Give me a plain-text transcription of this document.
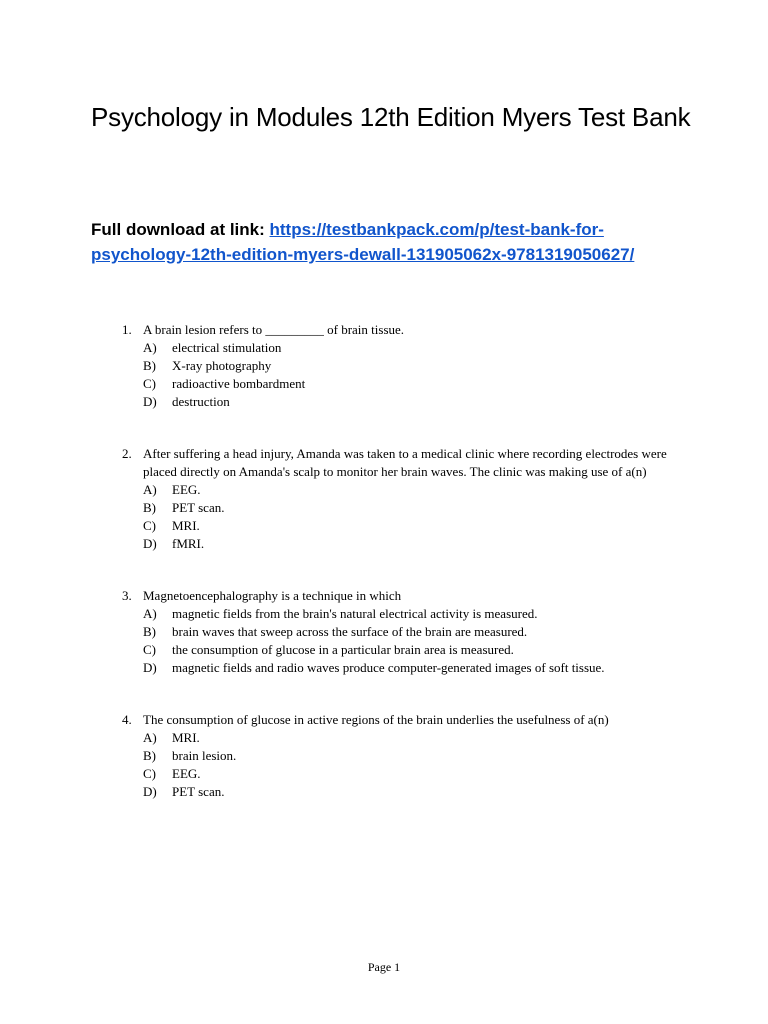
Psychology in Modules 12th Edition Myers Test Bank

Full download at link: https://testbankpack.com/p/test-bank-for-
psychology-12th-edition-myers-dewall-131905062x-9781319050627/

1. A brain lesion refers to _________ of brain tissue.
A) electrical stimulation
B) X-ray photography
C) radioactive bombardment
D) destruction
2. After suffering a head injury, Amanda was taken to a medical clinic where recording electrodes were placed directly on Amanda's scalp to monitor her brain waves. The clinic was making use of a(n)
A) EEG.
B) PET scan.
C) MRI.
D) fMRI.
3. Magnetoencephalography is a technique in which
A) magnetic fields from the brain's natural electrical activity is measured.
B) brain waves that sweep across the surface of the brain are measured.
C) the consumption of glucose in a particular brain area is measured.
D) magnetic fields and radio waves produce computer-generated images of soft tissue.
4. The consumption of glucose in active regions of the brain underlies the usefulness of a(n)
A) MRI.
B) brain lesion.
C) EEG.
D) PET scan.
Page 1
